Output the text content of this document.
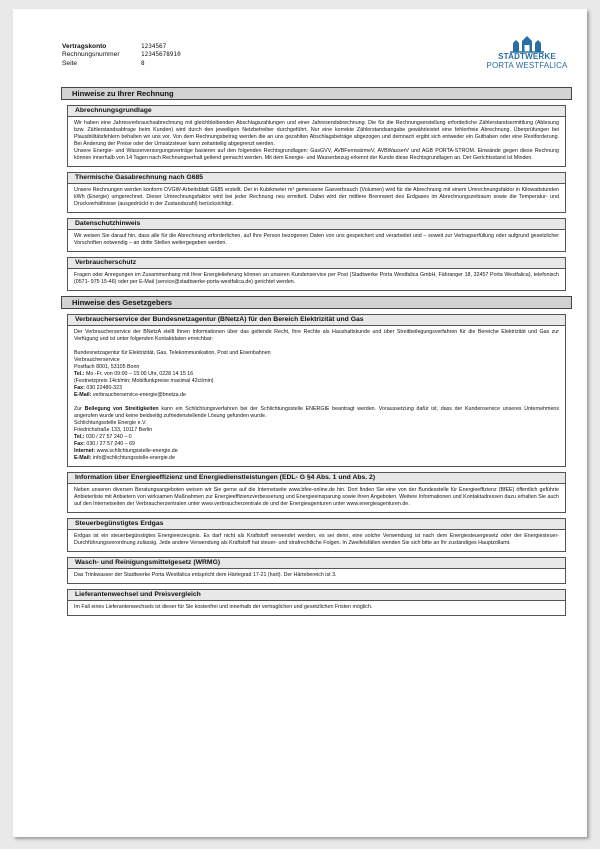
Vertragskonto	1234567
Rechnungsnummer	12345678910
Seite	8
STADTWERKE
PORTA WESTFALICA
Hinweise zu Ihrer Rechnung
Abrechnungsgrundlage

Wir haben eine Jahresverbrauchsabrechnung mit gleichbleibenden Abschlagszahlungen und einer Jahresendabrechnung. Die für die Rechnungserstellung erforderliche Zählerstandsermittlung (Ablesung bzw. Zählerstandsabfrage beim Kunden) wird durch den jeweiligen Netzbetreiber durchgeführt. Nur eine korrekte Zählerstandsangabe gewährleistet eine fehlerfreie Abrechnung. Überprüfungen bei Plausibilitätsfehlern behalten wir uns vor. Von dem Rechnungsbetrag werden die an uns gezahlten Abschlagsbeträge abgezogen und demnach ergibt sich entweder ein Guthaben oder eine Restforderung. Bei Änderung der Preise oder der Umsatzsteuer kann zeitanteilig abgegrenzt werden.

Unsere Energie- und Wasserversorgungsverträge basieren auf den folgenden Rechtsgrundlagen: GasGVV, AVBFernwärmeV, AVBWasserV und AGB PORTA-STROM. Einwände gegen diese Rechnung können innerhalb von 14 Tagen nach Rechnungserhalt geltend gemacht werden. Mit dem Energie- und Wasserbezug erkennt der Kunde diese Rechtsgrundlagen an. Der Gerichtsstand ist Minden.

Thermische Gasabrechnung nach G685

Unsere Rechnungen werden konform DVGW-Arbeitsblatt G685 erstellt. Der in Kubikmeter m³ gemessene Gasverbrauch (Volumen) wird für die Abrechnung mit einem Umrechnungsfaktor in Kilowattstunden kWh (Energie) umgerechnet. Dieser Umrechnungsfaktor wird bei jeder Rechnung neu ermittelt. Dabei wird der mittlere Brennwert des Erdgases im Abrechnungszeitraum sowie die Temperatur- und Druckverhältnisse (ausgedrückt in der Zustandszahl) berücksichtigt.

Datenschutzhinweis

Wir weisen Sie darauf hin, dass alle für die Abrechnung erforderlichen, auf Ihre Person bezogenen Daten von uns gespeichert und verarbeitet und – soweit zur Vertragserfüllung oder aufgrund gesetzlicher Vorschriften notwendig – an dritte Stellen weitergegeben werden.

Verbraucherschutz

Fragen oder Anregungen im Zusammenhang mit Ihrer Energielieferung können an unseren Kundenservice per Post (Stadtwerke Porta Westfalica GmbH, Fähranger 18, 32457 Porta Westfalica), telefonisch (0571- 975 15-46) oder per E-Mail (service@stadtwerke-porta-westfalica.de) gerichtet werden.

Hinweise des Gesetzgebers
Verbraucherservice der Bundesnetzagentur (BNetzA) für den Bereich Elektrizität und Gas

Der Verbraucherservice der BNetzA stellt Ihnen Informationen über das geltende Recht, Ihre Rechte als Haushaltskunde und über Streitbeilegungsverfahren für die Bereiche Elektrizität und Gas zur Verfügung und ist unter folgenden Kontaktdaten erreichbar:

Bundesnetzagentur für Elektrizität, Gas, Telekommunikation, Post und Eisenbahnen

Verbraucherservice

Postfach 8001, 53105 Bonn

Tel.: Mo.-Fr. von 09:00 – 15:00 Uhr, 0228 14 15 16

(Festnetzpreis 14ct/min; Mobilfunkpreise maximal 42ct/min)

Fax: 030 22480-323

E-Mail: verbraucherservice-energie@bnetza.de

Zur Beilegung von Streitigkeiten kann ein Schlichtungsverfahren bei der Schlichtungsstelle ENERGIE beantragt werden. Voraussetzung dafür ist, dass der Kundenservice unseres Unternehmens angerufen wurde und keine beidseitig zufriedenstellende Lösung gefunden wurde.

Schlichtungsstelle Energie e.V.

Friedrichstraße 133, 10117 Berlin

Tel.: 030 / 27 57 240 – 0

Fax: 030 / 27 57 240 – 69

Internet: www.schlichtungsstelle-energie.de

E-Mail: info@schlichtungsstelle-energie.de

Information über Energieeffizienz und Energiedienstleistungen (EDL- G §4 Abs. 1 und Abs. 2)

Neben unseren diversen Beratungsangeboten weisen wir Sie gerne auf die Internetseite www.bfee-online.de hin. Dort finden Sie eine von der Bundesstelle für Energieeffizienz (BfEE) öffentlich geführte Anbieterliste mit Anbietern von wirksamen Maßnahmen zur Energieeffizienzverbesserung und Energieeinsparung sowie ihren Angeboten. Weitere Informationen und Kontaktadressen dazu erhalten Sie auch auf den Internetseiten der Verbraucherzentralen unter www.verbraucherzentrale.de und der Energieagenturen unter www.energieagenturen.de.

Steuerbegünstigtes Erdgas

Erdgas ist ein steuerbegünstigtes Energieerzeugnis. Es darf nicht als Kraftstoff verwendet werden, es sei denn, eine solche Verwendung ist nach dem Energiesteuergesetz oder der Energiesteuer-Durchführungsverordnung zulässig. Jede andere Verwendung als Kraftstoff hat steuer- und strafrechtliche Folgen. In Zweifelsfällen wenden Sie sich bitte an Ihr zuständiges Hauptzollamt.

Wasch- und Reinigungsmittelgesetz (WRMG)

Das Trinkwasser der Stadtwerke Porta Westfalica entspricht dem Härtegrad 17-21 (hart). Der Härtebereich ist 3.

Lieferantenwechsel und Preisvergleich

Im Fall eines Lieferantenwechsels ist dieser für Sie kostenfrei und innerhalb der vertraglichen und gesetzlichen Fristen möglich.
